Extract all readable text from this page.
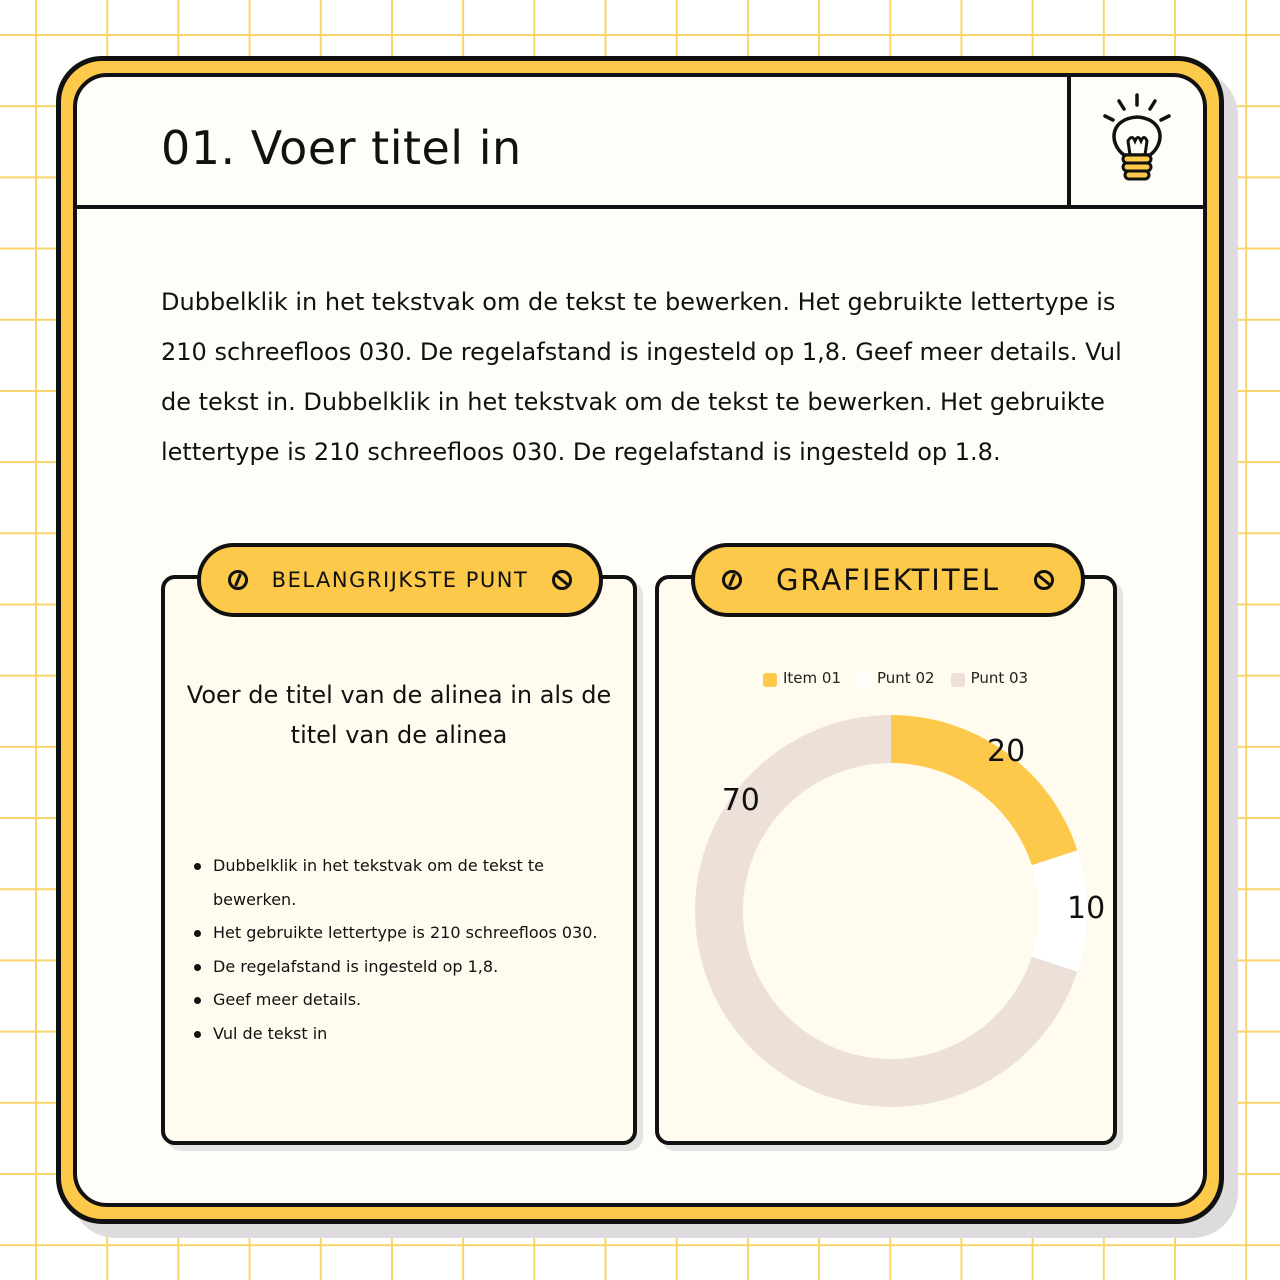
01. Voer titel in

Dubbelklik in het tekstvak om de tekst te bewerken. Het gebruikte lettertype is 210 schreefloos 030. De regelafstand is ingesteld op 1,8. Geef meer details. Vul de tekst in. Dubbelklik in het tekstvak om de tekst te bewerken. Het gebruikte lettertype is 210 schreefloos 030. De regelafstand is ingesteld op 1.8.

BELANGRIJKSTE PUNT
Voer de titel van de alinea in als de titel van de alinea
Dubbelklik in het tekstvak om de tekst te bewerken.
Het gebruikte lettertype is 210 schreefloos 030.
De regelafstand is ingesteld op 1,8.
Geef meer details.
Vul de tekst in
GRAFIEKTITEL
Item 01 Punt 02 Punt 03
20
10
70
